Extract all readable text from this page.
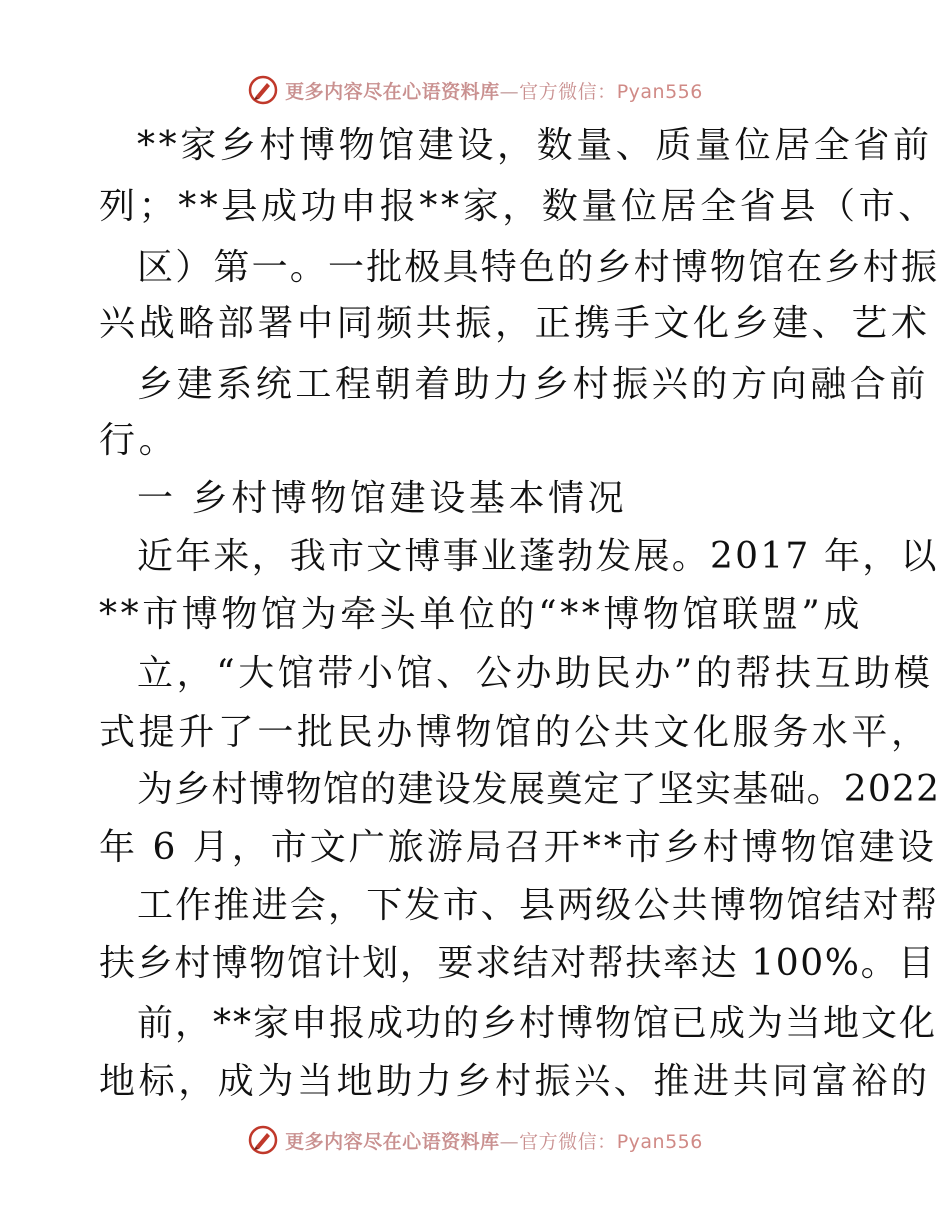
更多内容尽在心语资料库—官方微信：Pyan556
**家乡村博物馆建设，数量、质量位居全省前
列；**县成功申报**家，数量位居全省县（市、
区）第一。一批极具特色的乡村博物馆在乡村振
兴战略部署中同频共振，正携手文化乡建、艺术
乡建系统工程朝着助力乡村振兴的方向融合前
行。
一 乡村博物馆建设基本情况
近年来，我市文博事业蓬勃发展。2017 年，以
**市博物馆为牵头单位的“**博物馆联盟”成
立，“大馆带小馆、公办助民办”的帮扶互助模
式提升了一批民办博物馆的公共文化服务水平，
为乡村博物馆的建设发展奠定了坚实基础。2022
年 6 月，市文广旅游局召开**市乡村博物馆建设
工作推进会，下发市、县两级公共博物馆结对帮
扶乡村博物馆计划，要求结对帮扶率达 100%。目
前，**家申报成功的乡村博物馆已成为当地文化
地标，成为当地助力乡村振兴、推进共同富裕的
更多内容尽在心语资料库—官方微信：Pyan556
